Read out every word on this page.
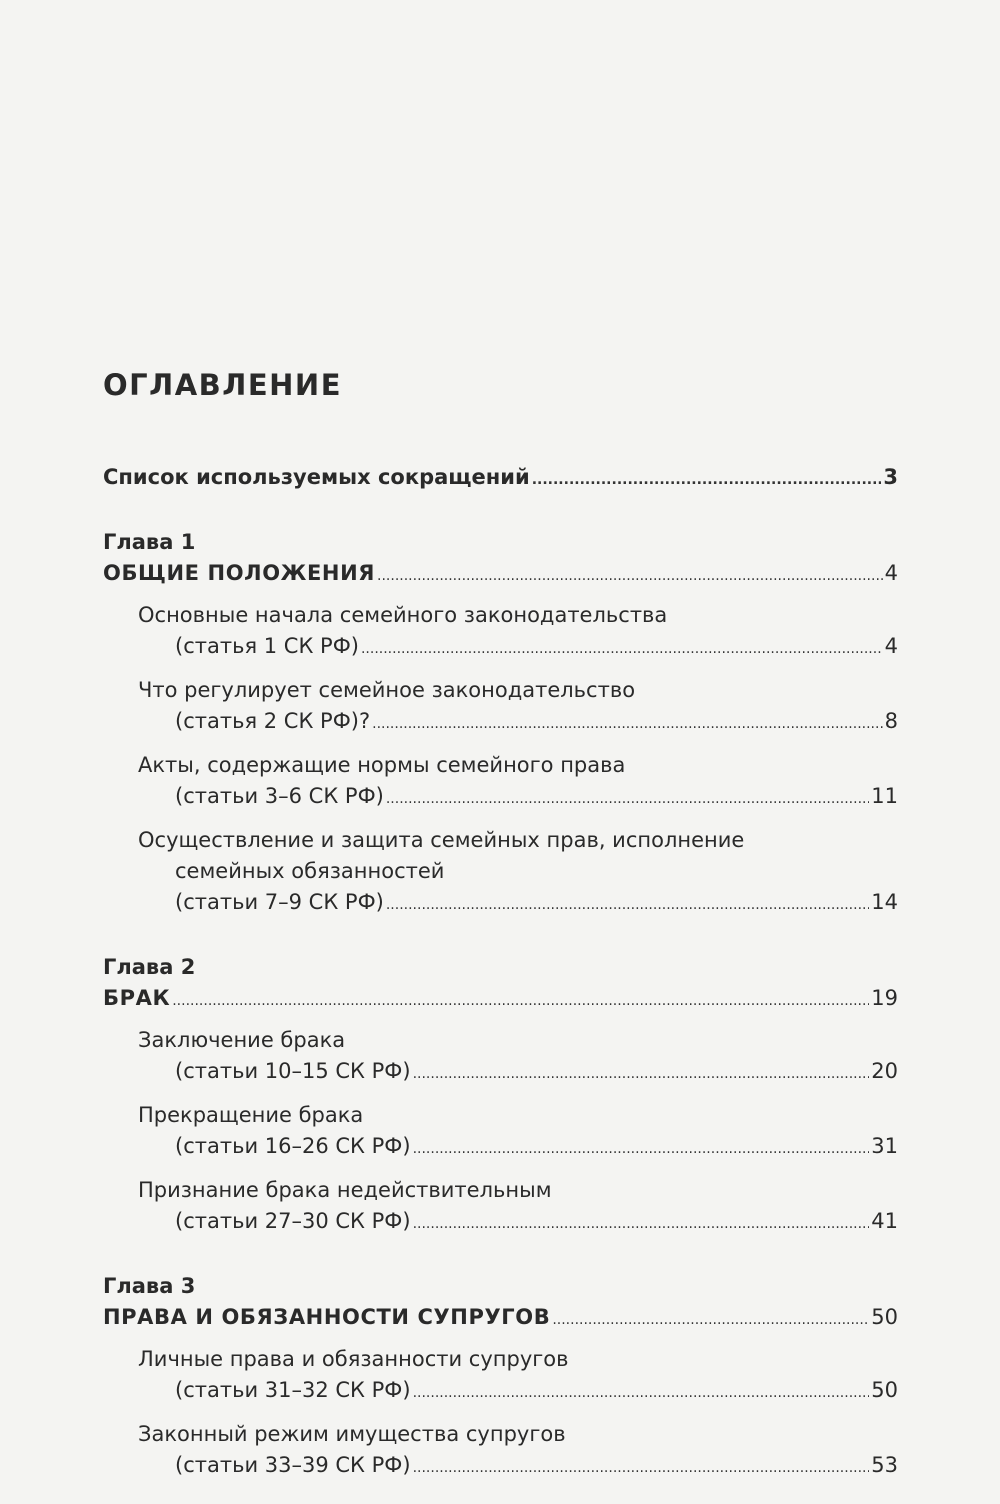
ОГЛАВЛЕНИЕ
Список используемых сокращений .....	3
Глава 1
ОБЩИЕ ПОЛОЖЕНИЯ .....	4
Основные начала семейного законодательства
(статья 1 СК РФ) .....	4
Что регулирует семейное законодательство
(статья 2 СК РФ)? .....	8
Акты, содержащие нормы семейного права
(статьи 3–6 СК РФ) .....	11
Осуществление и защита семейных прав, исполнение
семейных обязанностей
(статьи 7–9 СК РФ) .....	14
Глава 2
БРАК .....	19
Заключение брака
(статьи 10–15 СК РФ) .....	20
Прекращение брака
(статьи 16–26 СК РФ) .....	31
Признание брака недействительным
(статьи 27–30 СК РФ) .....	41
Глава 3
ПРАВА И ОБЯЗАННОСТИ СУПРУГОВ .....	50
Личные права и обязанности супругов
(статьи 31–32 СК РФ) .....	50
Законный режим имущества супругов
(статьи 33–39 СК РФ) .....	53
